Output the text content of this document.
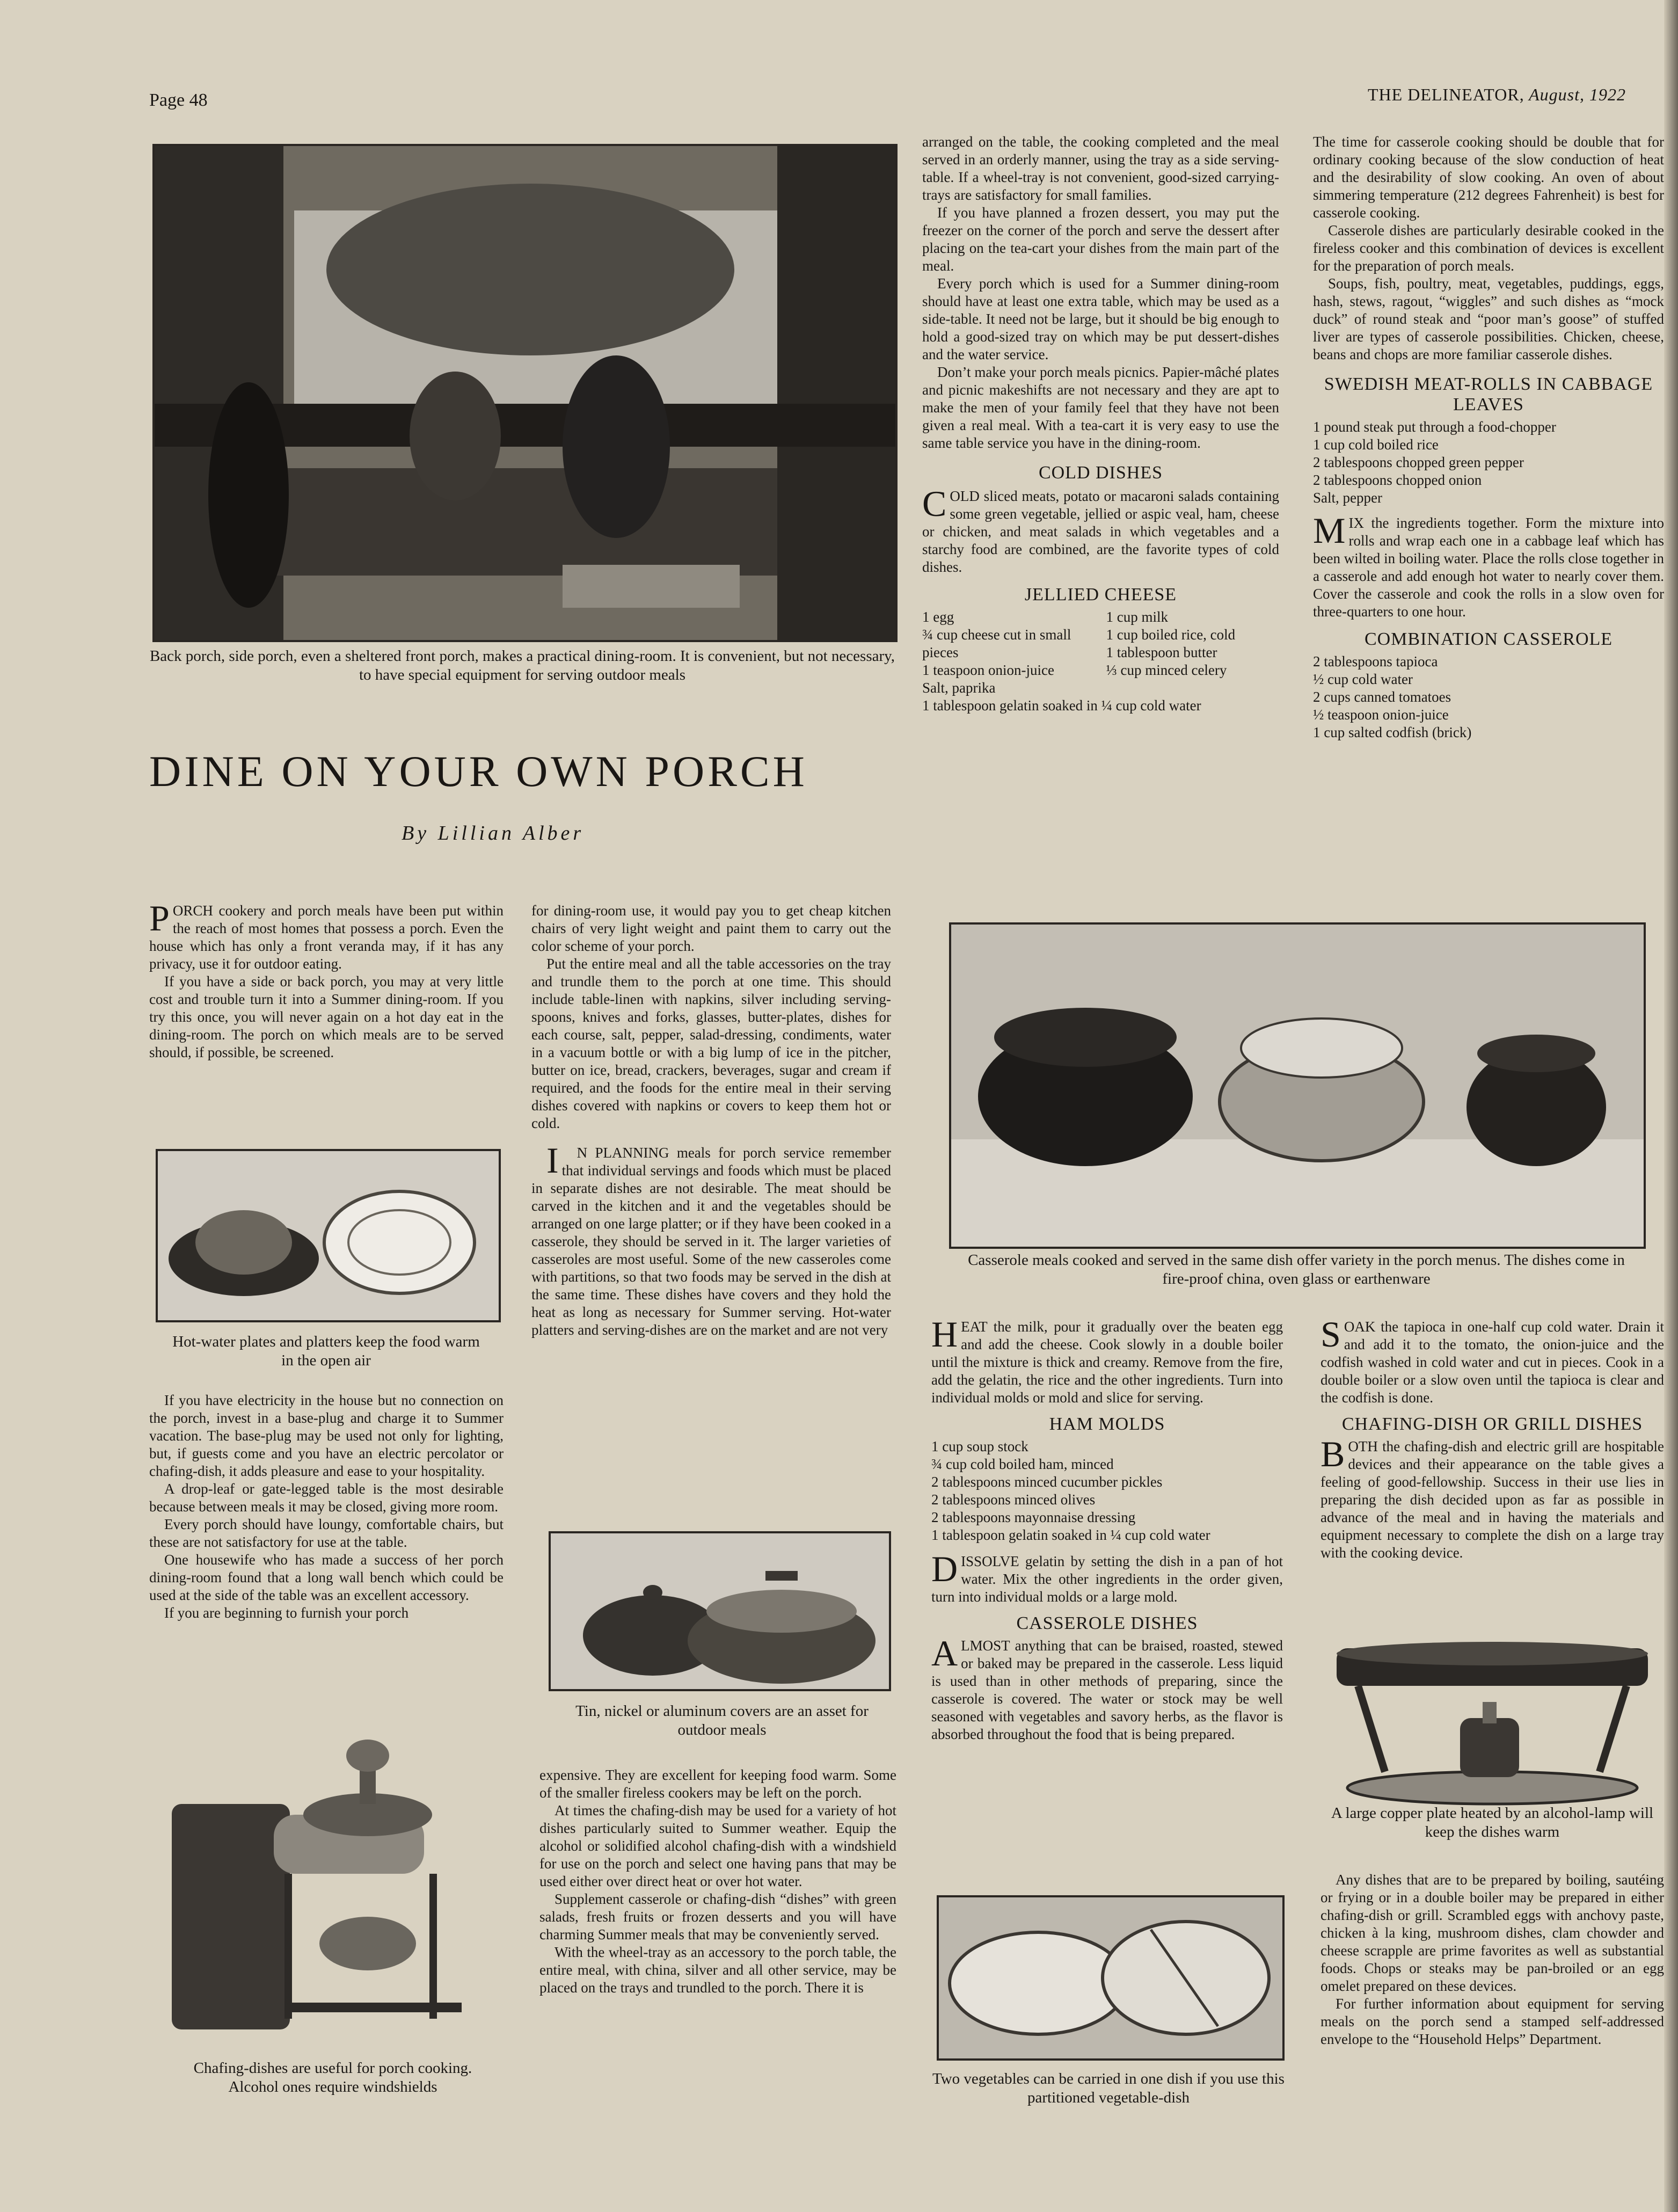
Page 48	THE DELINEATOR, August, 1922
Back porch, side porch, even a sheltered front porch, makes a practical dining-room. It is convenient, but not necessary, to have special equipment for serving outdoor meals
DINE ON YOUR OWN PORCH
By Lillian Alber

PORCH cookery and porch meals have been put within the reach of most homes that possess a porch. Even the house which has only a front veranda may, if it has any privacy, use it for outdoor eating.

If you have a side or back porch, you may at very little cost and trouble turn it into a Summer dining-room. If you try this once, you will never again on a hot day eat in the dining-room. The porch on which meals are to be served should, if possible, be screened.

Hot-water plates and platters keep the food warm in the open air

If you have electricity in the house but no connection on the porch, invest in a base-plug and charge it to Summer vacation. The base-plug may be used not only for lighting, but, if guests come and you have an electric percolator or chafing-dish, it adds pleasure and ease to your hospitality.

A drop-leaf or gate-legged table is the most desirable because between meals it may be closed, giving more room.

Every porch should have loungy, comfortable chairs, but these are not satisfactory for use at the table.

One housewife who has made a success of her porch dining-room found that a long wall bench which could be used at the side of the table was an excellent accessory.

If you are beginning to furnish your porch

Chafing-dishes are useful for porch cooking. Alcohol ones require windshields

for dining-room use, it would pay you to get cheap kitchen chairs of very light weight and paint them to carry out the color scheme of your porch.

Put the entire meal and all the table accessories on the tray and trundle them to the porch at one time. This should include table-linen with napkins, silver including serving-spoons, knives and forks, glasses, butter-plates, dishes for each course, salt, pepper, salad-dressing, condiments, water in a vacuum bottle or with a big lump of ice in the pitcher, butter on ice, bread, crackers, beverages, sugar and cream if required, and the foods for the entire meal in their serving dishes covered with napkins or covers to keep them hot or cold.

IN PLANNING meals for porch service remember that individual servings and foods which must be placed in separate dishes are not desirable. The meat should be carved in the kitchen and it and the vegetables should be arranged on one large platter; or if they have been cooked in a casserole, they should be served in it. The larger varieties of casseroles are most useful. Some of the new casseroles come with partitions, so that two foods may be served in the dish at the same time. These dishes have covers and they hold the heat as long as necessary for Summer serving. Hot-water platters and serving-dishes are on the market and are not very

Tin, nickel or aluminum covers are an asset for outdoor meals

expensive. They are excellent for keeping food warm. Some of the smaller fireless cookers may be left on the porch.

At times the chafing-dish may be used for a variety of hot dishes particularly suited to Summer weather. Equip the alcohol or solidified alcohol chafing-dish with a windshield for use on the porch and select one having pans that may be used either over direct heat or over hot water.

Supplement casserole or chafing-dish “dishes” with green salads, fresh fruits or frozen desserts and you will have charming Summer meals that may be conveniently served.

With the wheel-tray as an accessory to the porch table, the entire meal, with china, silver and all other service, may be placed on the trays and trundled to the porch. There it is

arranged on the table, the cooking completed and the meal served in an orderly manner, using the tray as a side serving-table. If a wheel-tray is not convenient, good-sized carrying-trays are satisfactory for small families.

If you have planned a frozen dessert, you may put the freezer on the corner of the porch and serve the dessert after placing on the tea-cart your dishes from the main part of the meal.

Every porch which is used for a Summer dining-room should have at least one extra table, which may be used as a side-table. It need not be large, but it should be big enough to hold a good-sized tray on which may be put dessert-dishes and the water service.

Don’t make your porch meals picnics. Papier-mâché plates and picnic makeshifts are not necessary and they are apt to make the men of your family feel that they have not been given a real meal. With a tea-cart it is very easy to use the same table service you have in the dining-room.

COLD DISHES

COLD sliced meats, potato or macaroni salads containing some green vegetable, jellied or aspic veal, ham, cheese or chicken, and meat salads in which vegetables and a starchy food are combined, are the favorite types of cold dishes.

JELLIED CHEESE

1 egg
¾ cup cheese cut in small pieces
1 teaspoon onion-juice
Salt, paprika
1 cup milk
1 cup boiled rice, cold
1 tablespoon butter
⅓ cup minced celery
1 tablespoon gelatin soaked in ¼ cup cold water

The time for casserole cooking should be double that for ordinary cooking because of the slow conduction of heat and the desirability of slow cooking. An oven of about simmering temperature (212 degrees Fahrenheit) is best for casserole cooking.

Casserole dishes are particularly desirable cooked in the fireless cooker and this combination of devices is excellent for the preparation of porch meals.

Soups, fish, poultry, meat, vegetables, puddings, eggs, hash, stews, ragout, “wiggles” and such dishes as “mock duck” of round steak and “poor man’s goose” of stuffed liver are types of casserole possibilities. Chicken, cheese, beans and chops are more familiar casserole dishes.

SWEDISH MEAT-ROLLS IN CABBAGE LEAVES

1 pound steak put through a food-chopper
1 cup cold boiled rice
2 tablespoons chopped green pepper
2 tablespoons chopped onion
Salt, pepper

MIX the ingredients together. Form the mixture into rolls and wrap each one in a cabbage leaf which has been wilted in boiling water. Place the rolls close together in a casserole and add enough hot water to nearly cover them. Cover the casserole and cook the rolls in a slow oven for three-quarters to one hour.

COMBINATION CASSEROLE

2 tablespoons tapioca
½ cup cold water
2 cups canned tomatoes
½ teaspoon onion-juice
1 cup salted codfish (brick)
Casserole meals cooked and served in the same dish offer variety in the porch menus. The dishes come in fire-proof china, oven glass or earthenware

HEAT the milk, pour it gradually over the beaten egg and add the cheese. Cook slowly in a double boiler until the mixture is thick and creamy. Remove from the fire, add the gelatin, the rice and the other ingredients. Turn into individual molds or mold and slice for serving.

HAM MOLDS

1 cup soup stock
¾ cup cold boiled ham, minced
2 tablespoons minced cucumber pickles
2 tablespoons minced olives
2 tablespoons mayonnaise dressing
1 tablespoon gelatin soaked in ¼ cup cold water

DISSOLVE gelatin by setting the dish in a pan of hot water. Mix the other ingredients in the order given, turn into individual molds or a large mold.

CASSEROLE DISHES

ALMOST anything that can be braised, roasted, stewed or baked may be prepared in the casserole. Less liquid is used than in other methods of preparing, since the casserole is covered. The water or stock may be well seasoned with vegetables and savory herbs, as the flavor is absorbed throughout the food that is being prepared.

Two vegetables can be carried in one dish if you use this partitioned vegetable-dish

SOAK the tapioca in one-half cup cold water. Drain it and add it to the tomato, the onion-juice and the codfish washed in cold water and cut in pieces. Cook in a double boiler or a slow oven until the tapioca is clear and the codfish is done.

CHAFING-DISH OR GRILL DISHES

BOTH the chafing-dish and electric grill are hospitable devices and their appearance on the table gives a feeling of good-fellowship. Success in their use lies in preparing the dish decided upon as far as possible in advance of the meal and in having the materials and equipment necessary to complete the dish on a large tray with the cooking device.

A large copper plate heated by an alcohol-lamp will keep the dishes warm

Any dishes that are to be prepared by boiling, sautéing or frying or in a double boiler may be prepared in either chafing-dish or grill. Scrambled eggs with anchovy paste, chicken à la king, mushroom dishes, clam chowder and cheese scrapple are prime favorites as well as substantial foods. Chops or steaks may be pan-broiled or an egg omelet prepared on these devices.

For further information about equipment for serving meals on the porch send a stamped self-addressed envelope to the “Household Helps” Department.
